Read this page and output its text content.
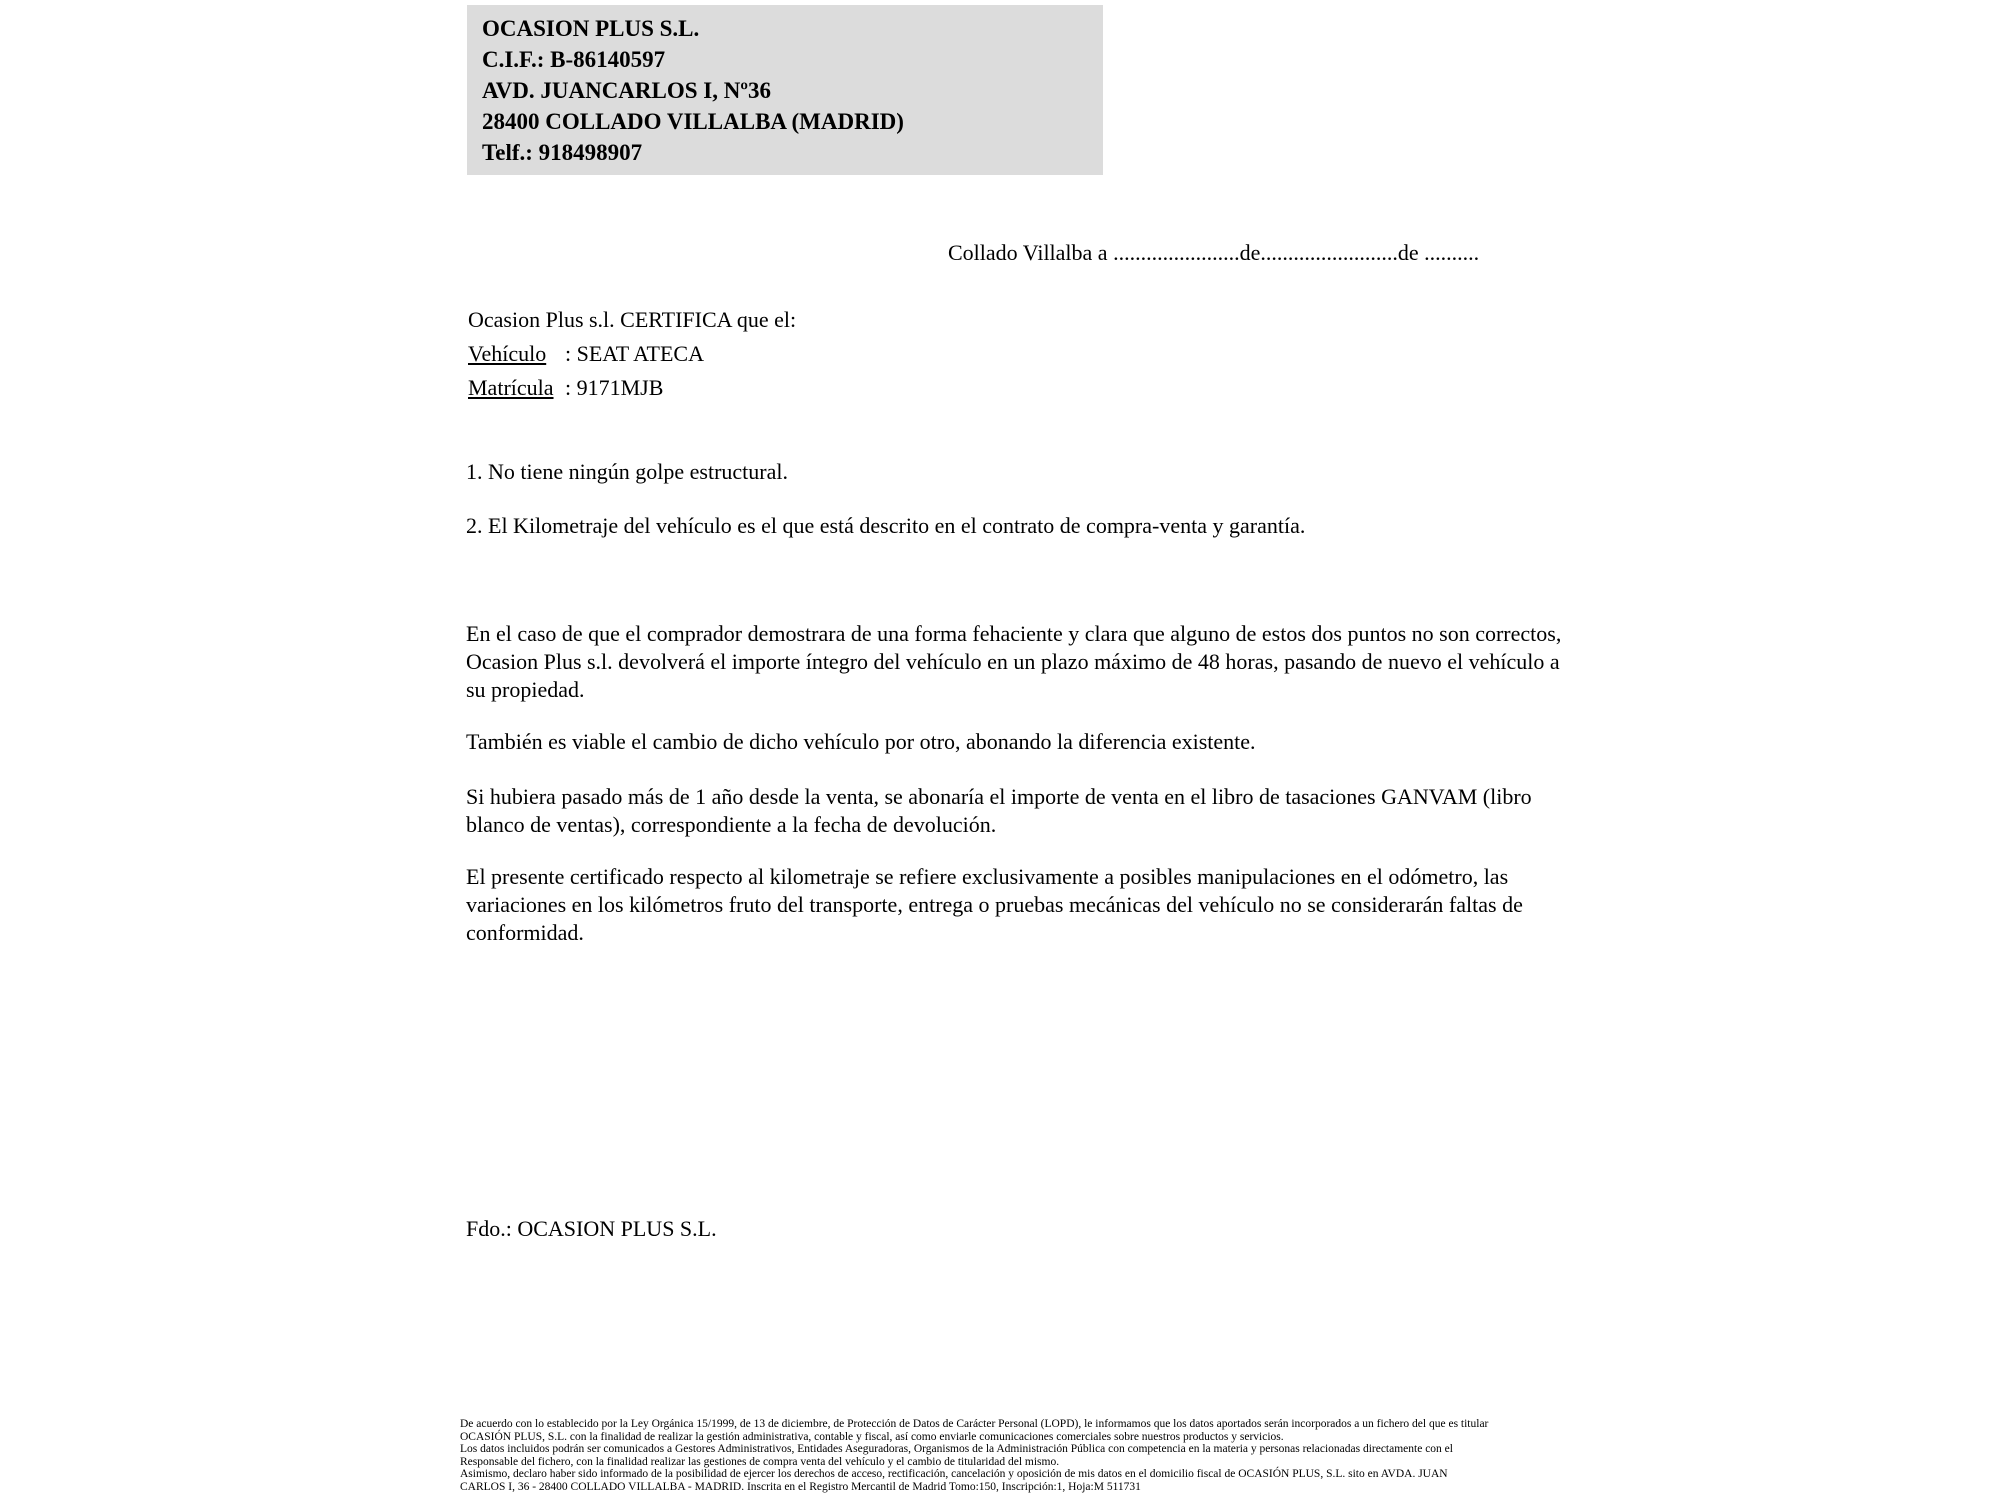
OCASION PLUS S.L.
C.I.F.: B-86140597
AVD. JUANCARLOS I, Nº36
28400 COLLADO VILLALBA (MADRID)
Telf.: 918498907
Collado Villalba a .......................de.........................de ..........
Ocasion Plus s.l. CERTIFICA que el:
Vehículo : SEAT ATECA
Matrícula : 9171MJB
1. No tiene ningún golpe estructural.
2. El Kilometraje del vehículo es el que está descrito en el contrato de compra-venta y garantía.
En el caso de que el comprador demostrara de una forma fehaciente y clara que alguno de estos dos puntos no son correctos, Ocasion Plus s.l. devolverá el importe íntegro del vehículo en un plazo máximo de 48 horas, pasando de nuevo el vehículo a su propiedad.
También es viable el cambio de dicho vehículo por otro, abonando la diferencia existente.
Si hubiera pasado más de 1 año desde la venta, se abonaría el importe de venta en el libro de tasaciones GANVAM (libro blanco de ventas), correspondiente a la fecha de devolución.
El presente certificado respecto al kilometraje se refiere exclusivamente a posibles manipulaciones en el odómetro, las variaciones en los kilómetros fruto del transporte, entrega o pruebas mecánicas del vehículo no se considerarán faltas de conformidad.
Fdo.: OCASION PLUS S.L.
De acuerdo con lo establecido por la Ley Orgánica 15/1999, de 13 de diciembre, de Protección de Datos de Carácter Personal (LOPD), le informamos que los datos aportados serán incorporados a un fichero del que es titular
OCASIÓN PLUS, S.L. con la finalidad de realizar la gestión administrativa, contable y fiscal, así como enviarle comunicaciones comerciales sobre nuestros productos y servicios.
Los datos incluidos podrán ser comunicados a Gestores Administrativos, Entidades Aseguradoras, Organismos de la Administración Pública con competencia en la materia y personas relacionadas directamente con el
Responsable del fichero, con la finalidad realizar las gestiones de compra venta del vehículo y el cambio de titularidad del mismo.
Asimismo, declaro haber sido informado de la posibilidad de ejercer los derechos de acceso, rectificación, cancelación y oposición de mis datos en el domicilio fiscal de OCASIÓN PLUS, S.L. sito en AVDA. JUAN
CARLOS I, 36 - 28400 COLLADO VILLALBA - MADRID. Inscrita en el Registro Mercantil de Madrid Tomo:150, Inscripción:1, Hoja:M 511731
